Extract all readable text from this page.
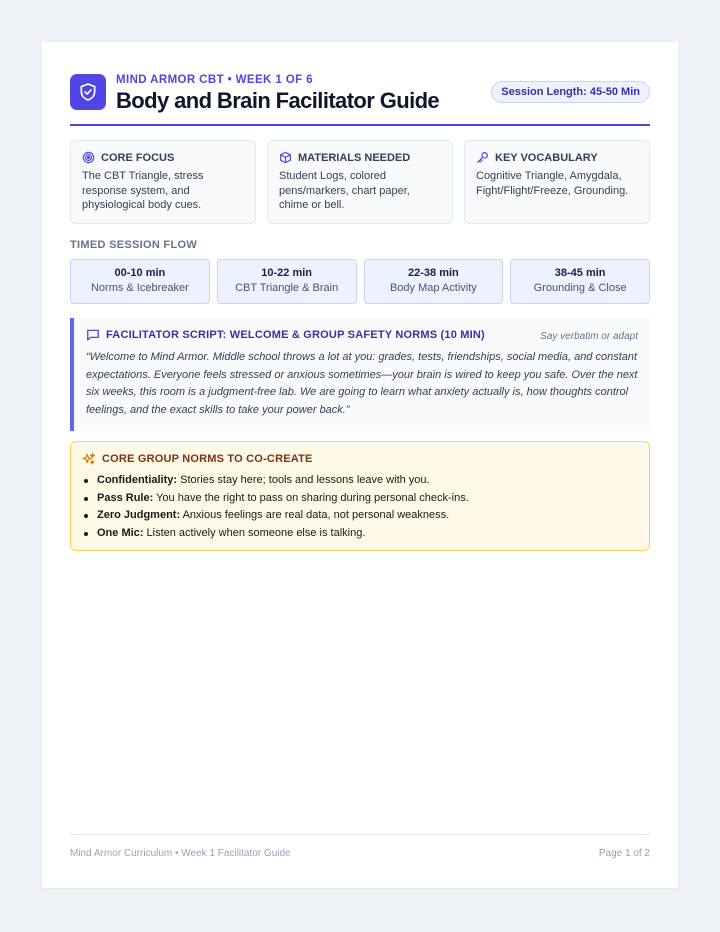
MIND ARMOR CBT • WEEK 1 OF 6
Body and Brain Facilitator Guide	Session Length: 45-50 Min
CORE FOCUS
The CBT Triangle, stress response system, and physiological body cues.
MATERIALS NEEDED
Student Logs, colored pens/markers, chart paper, chime or bell.
KEY VOCABULARY
Cognitive Triangle, Amygdala, Fight/Flight/Freeze, Grounding.
TIMED SESSION FLOW
00-10 min
Norms & Icebreaker
10-22 min
CBT Triangle & Brain
22-38 min
Body Map Activity
38-45 min
Grounding & Close
FACILITATOR SCRIPT: WELCOME & GROUP SAFETY NORMS (10 MIN)	Say verbatim or adapt
“Welcome to Mind Armor. Middle school throws a lot at you: grades, tests, friendships, social media, and constant expectations. Everyone feels stressed or anxious sometimes—your brain is wired to keep you safe. Over the next six weeks, this room is a judgment-free lab. We are going to learn what anxiety actually is, how thoughts control feelings, and the exact skills to take your power back.”
CORE GROUP NORMS TO CO-CREATE
Confidentiality: Stories stay here; tools and lessons leave with you.
Pass Rule: You have the right to pass on sharing during personal check-ins.
Zero Judgment: Anxious feelings are real data, not personal weakness.
One Mic: Listen actively when someone else is talking.
Mind Armor Curriculum • Week 1 Facilitator Guide	Page 1 of 2
